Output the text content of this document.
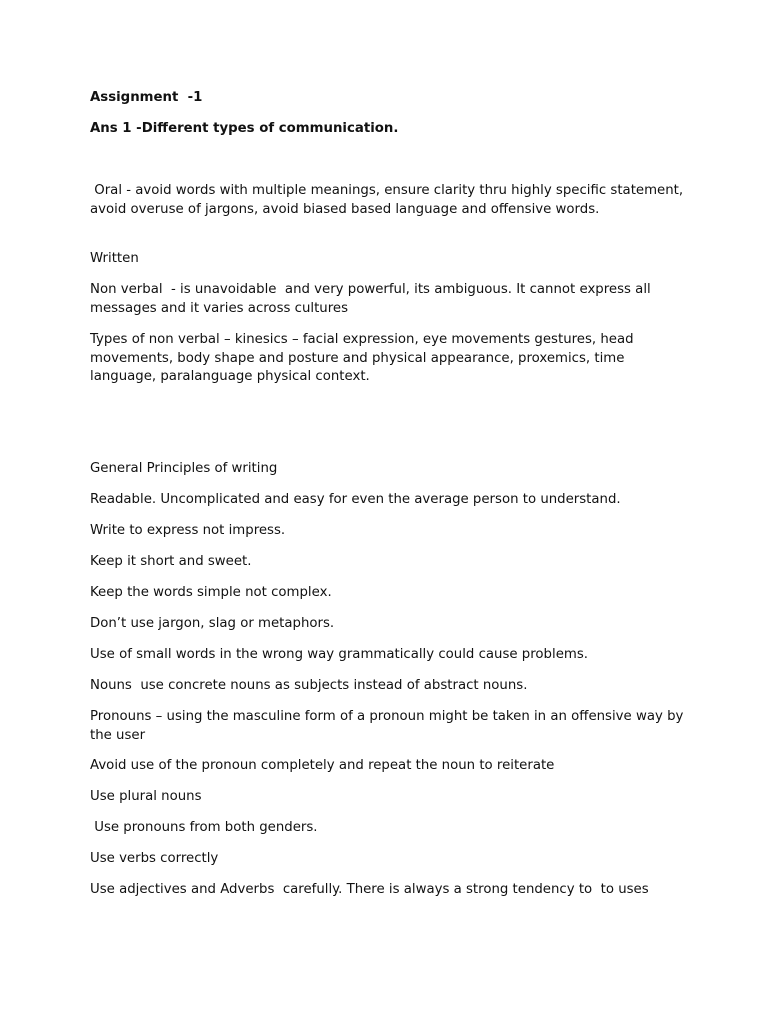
Assignment  -1

Ans 1 -Different types of communication.

Oral - avoid words with multiple meanings, ensure clarity thru highly specific statement, avoid overuse of jargons, avoid biased based language and offensive words.

Written

Non verbal  - is unavoidable  and very powerful, its ambiguous. It cannot express all messages and it varies across cultures

Types of non verbal – kinesics – facial expression, eye movements gestures, head movements, body shape and posture and physical appearance, proxemics, time language, paralanguage physical context.

General Principles of writing

Readable. Uncomplicated and easy for even the average person to understand.

Write to express not impress.

Keep it short and sweet.

Keep the words simple not complex.

Don’t use jargon, slag or metaphors.

Use of small words in the wrong way grammatically could cause problems.

Nouns  use concrete nouns as subjects instead of abstract nouns.

Pronouns – using the masculine form of a pronoun might be taken in an offensive way by the user

Avoid use of the pronoun completely and repeat the noun to reiterate

Use plural nouns

Use pronouns from both genders.

Use verbs correctly

Use adjectives and Adverbs  carefully. There is always a strong tendency to  to uses
